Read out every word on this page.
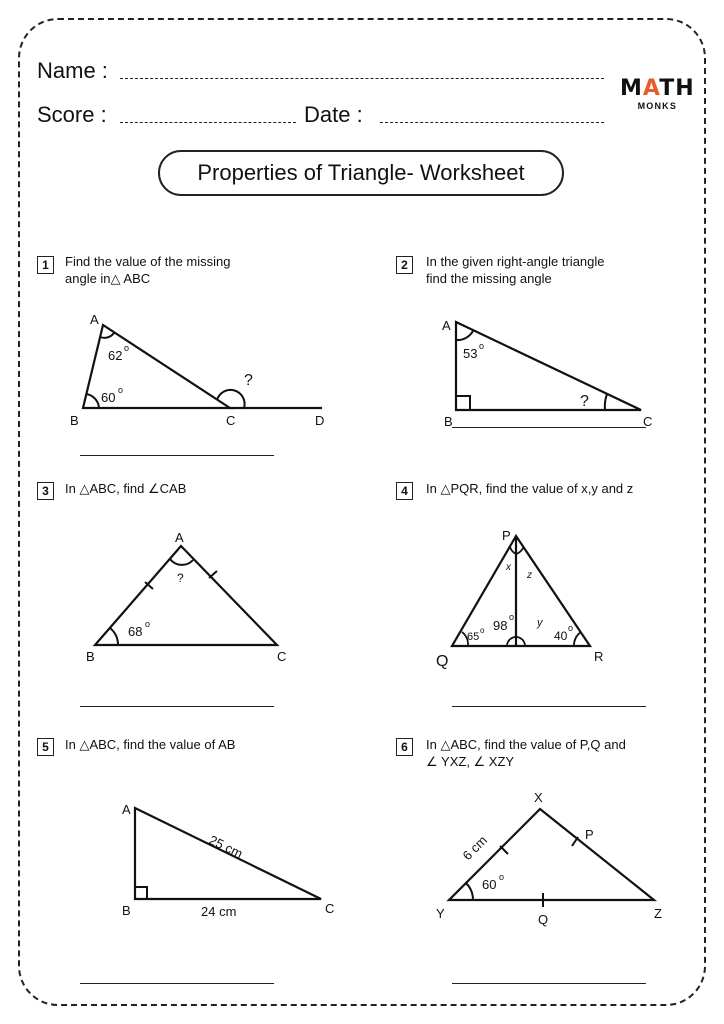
Name :
Score :	Date :
MATH
MONKS
Properties of Triangle- Worksheet
1	Find the value of the missing
angle in△ ABC
A
B	C	D
62 o
60 o
?
2	In the given right-angle triangle
find the missing angle
A
B	C
53 o
?
3	In △ABC, find ∠CAB
A
B	C
?
68 o
4	In △PQR, find the value of x,y and z
P
Q	R
x
z
y
65
o 98
o
40
o
5	In △ABC, find the value of AB
A
B	C
25 cm
24 cm
6	In △ABC, find the value of P,Q and
∠ YXZ, ∠ XZY
X
Y	Z
P
Q
6 cm
60 o
